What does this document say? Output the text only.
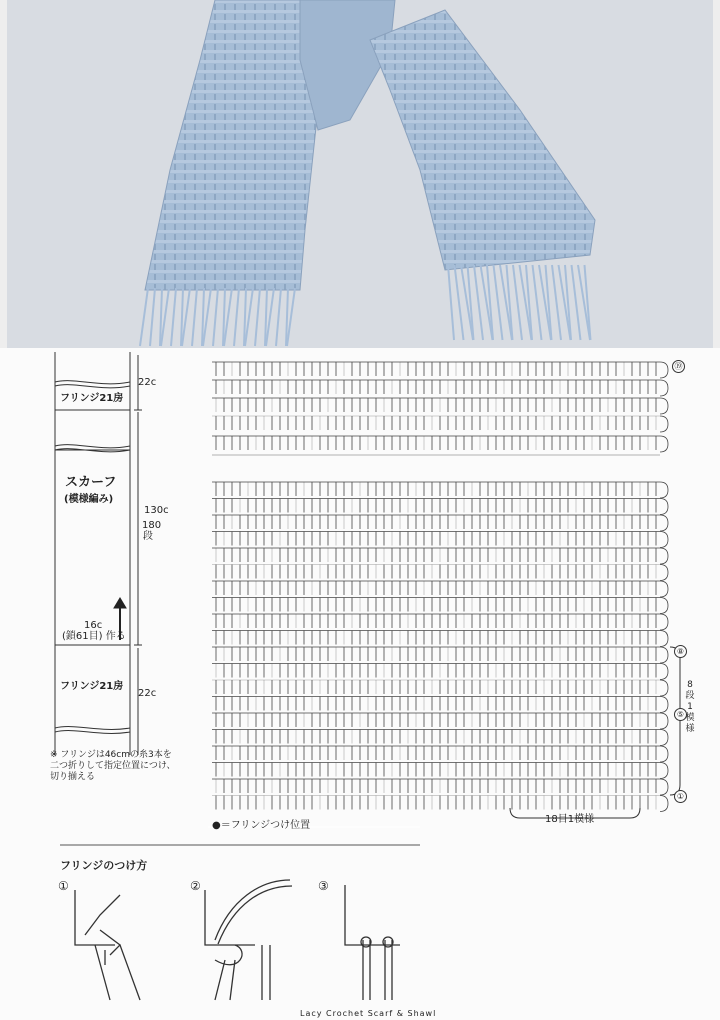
22c
フリンジ21房
スカーフ
(模様編み)
130c
180段
16c
(鎖61目) 作る
フリンジ21房
22c
※ フリンジは46cmの糸3本を二つ折りして指定位置につけ、切り揃える
⑲
⑧
⑤
①
8段1模様
18目1模様
●＝フリンジつけ位置
フリンジのつけ方
①	②	③
Lacy Crochet Scarf & Shawl
